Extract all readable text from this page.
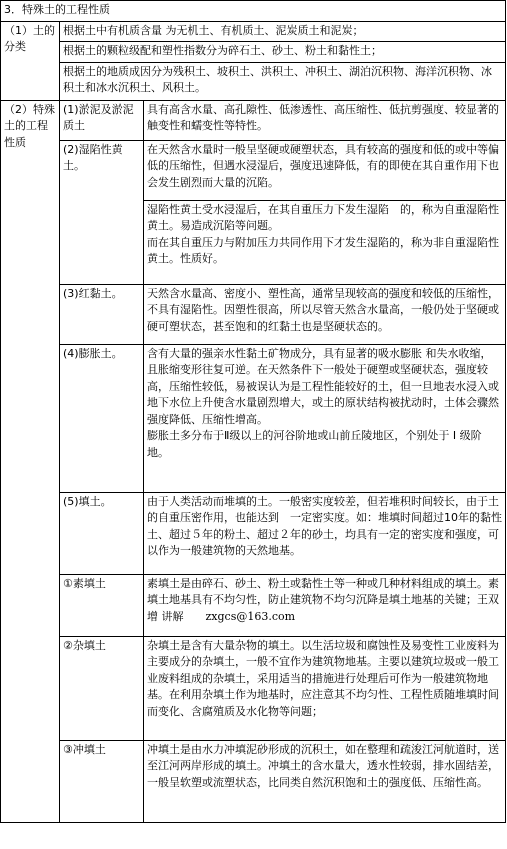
3．特殊土的工程性质		
（1）土的分类	根据土中有机质含量 为无机土、有机质土、泥炭质土和泥炭；	
	根据土的颗粒级配和塑性指数分为碎石土、砂土、粉土和黏性土；	
	根据土的地质成因分为残积土、坡积土、洪积土、冲积土、湖泊沉积物、海洋沉积物、冰积土和冰水沉积土、风积土。	
（2）特殊土的工程性质	(1)淤泥及淤泥质土	具有高含水量、高孔隙性、低渗透性、高压缩性、低抗剪强度、较显著的触变性和蠕变性等特性。
	(2)湿陷性黄土。	在天然含水量时一般呈坚硬或硬塑状态，具有较高的强度和低的或中等偏低的压缩性，但遇水浸湿后，强度迅速降低，有的即使在其自重作用下也会发生剧烈而大量的沉陷。

		湿陷性黄土受水浸湿后，在其自重压力下发生湿陷　的，称为自重湿陷性黄土。易造成沉陷等问题。
而在其自重压力与附加压力共同作用下才发生湿陷的，称为非自重湿陷性黄土。性质好。

	(3)红黏土。	天然含水量高、密度小、塑性高，通常呈现较高的强度和较低的压缩性，不具有湿陷性。因塑性很高，所以尽管天然含水量高，一般仍处于坚硬或硬可塑状态，甚至饱和的红黏土也是坚硬状态的。
	(4)膨胀土。	含有大量的强亲水性黏土矿物成分，具有显著的吸水膨胀 和失水收缩，且胀缩变形往复可逆。在天然条件下一般处于硬塑或坚硬状态，强度较高，压缩性较低，易被误认为是工程性能较好的土，但一旦地表水浸入或地下水位上升使含水量剧烈增大，或土的原状结构被扰动时，土体会骤然强度降低、压缩性增高。
膨胀土多分布于Ⅱ级以上的河谷阶地或山前丘陵地区，个别处于 Ⅰ 级阶地。

	(5)填土。	由于人类活动而堆填的土。一般密实度较差，但若堆积时间较长，由于土的自重压密作用，也能达到　一定密实度。如：堆填时间超过10年的黏性土、超过５年的粉土、超过２年的砂土，均具有一定的密实度和强度，可以作为一般建筑物的天然地基。
	①素填土	素填土是由碎石、砂土、粉土或黏性土等一种或几种材料组成的填土。素填土地基具有不均匀性，防止建筑物不均匀沉降是填土地基的关键；王双增 讲解　　zxgcs@163.com
	②杂填土	杂填土是含有大量杂物的填土。以生活垃圾和腐蚀性及易变性工业废料为主要成分的杂填土，一般不宜作为建筑物地基。主要以建筑垃圾或一般工业废料组成的杂填土，采用适当的措施进行处理后可作为一般建筑物地基。在利用杂填土作为地基时，应注意其不均匀性、工程性质随堆填时间而变化、含腐殖质及水化物等问题；
	③冲填土	冲填土是由水力冲填泥砂形成的沉积土，如在整理和疏浚江河航道时，送至江河两岸形成的填土。冲填土的含水量大，透水性较弱，排水固结差，一般呈软塑或流塑状态，比同类自然沉积饱和土的强度低、压缩性高。
